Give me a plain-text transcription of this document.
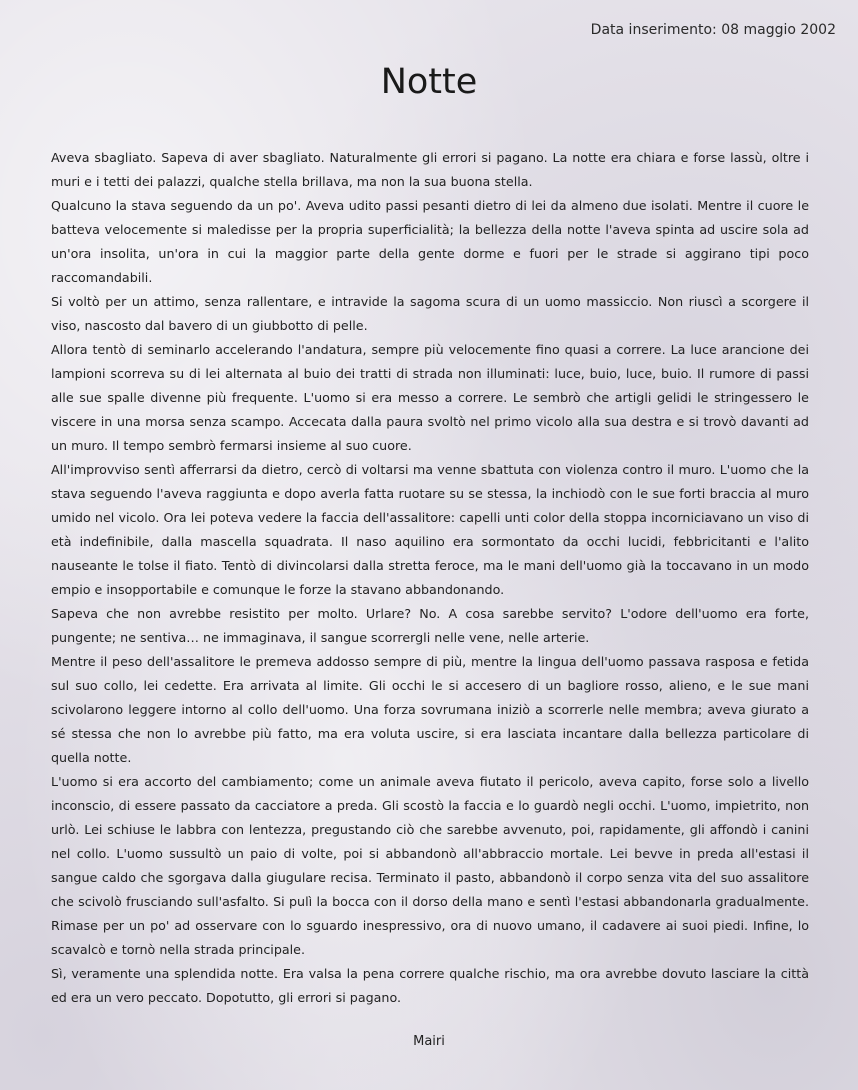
Data inserimento: 08 maggio 2002
Notte

Aveva sbagliato. Sapeva di aver sbagliato. Naturalmente gli errori si pagano. La notte era chiara e forse lassù, oltre i muri e i tetti dei palazzi, qualche stella brillava, ma non la sua buona stella.

Qualcuno la stava seguendo da un po'. Aveva udito passi pesanti dietro di lei da almeno due isolati. Mentre il cuore le batteva velocemente si maledisse per la propria superficialità; la bellezza della notte l'aveva spinta ad uscire sola ad un'ora insolita, un'ora in cui la maggior parte della gente dorme e fuori per le strade si aggirano tipi poco raccomandabili.

Si voltò per un attimo, senza rallentare, e intravide la sagoma scura di un uomo massiccio. Non riuscì a scorgere il viso, nascosto dal bavero di un giubbotto di pelle.

Allora tentò di seminarlo accelerando l'andatura, sempre più velocemente fino quasi a correre. La luce arancione dei lampioni scorreva su di lei alternata al buio dei tratti di strada non illuminati: luce, buio, luce, buio. Il rumore di passi alle sue spalle divenne più frequente. L'uomo si era messo a correre. Le sembrò che artigli gelidi le stringessero le viscere in una morsa senza scampo. Accecata dalla paura svoltò nel primo vicolo alla sua destra e si trovò davanti ad un muro. Il tempo sembrò fermarsi insieme al suo cuore.

All'improvviso sentì afferrarsi da dietro, cercò di voltarsi ma venne sbattuta con violenza contro il muro. L'uomo che la stava seguendo l'aveva raggiunta e dopo averla fatta ruotare su se stessa, la inchiodò con le sue forti braccia al muro umido nel vicolo. Ora lei poteva vedere la faccia dell'assalitore: capelli unti color della stoppa incorniciavano un viso di età indefinibile, dalla mascella squadrata. Il naso aquilino era sormontato da occhi lucidi, febbricitanti e l'alito nauseante le tolse il fiato. Tentò di divincolarsi dalla stretta feroce, ma le mani dell'uomo già la toccavano in un modo empio e insopportabile e comunque le forze la stavano abbandonando.

Sapeva che non avrebbe resistito per molto. Urlare? No. A cosa sarebbe servito? L'odore dell'uomo era forte, pungente; ne sentiva… ne immaginava, il sangue scorrergli nelle vene, nelle arterie.

Mentre il peso dell'assalitore le premeva addosso sempre di più, mentre la lingua dell'uomo passava rasposa e fetida sul suo collo, lei cedette. Era arrivata al limite. Gli occhi le si accesero di un bagliore rosso, alieno, e le sue mani scivolarono leggere intorno al collo dell'uomo. Una forza sovrumana iniziò a scorrerle nelle membra; aveva giurato a sé stessa che non lo avrebbe più fatto, ma era voluta uscire, si era lasciata incantare dalla bellezza particolare di quella notte.

L'uomo si era accorto del cambiamento; come un animale aveva fiutato il pericolo, aveva capito, forse solo a livello inconscio, di essere passato da cacciatore a preda. Gli scostò la faccia e lo guardò negli occhi. L'uomo, impietrito, non urlò. Lei schiuse le labbra con lentezza, pregustando ciò che sarebbe avvenuto, poi, rapidamente, gli affondò i canini nel collo. L'uomo sussultò un paio di volte, poi si abbandonò all'abbraccio mortale. Lei bevve in preda all'estasi il sangue caldo che sgorgava dalla giugulare recisa. Terminato il pasto, abbandonò il corpo senza vita del suo assalitore che scivolò frusciando sull'asfalto. Si pulì la bocca con il dorso della mano e sentì l'estasi abbandonarla gradualmente. Rimase per un po' ad osservare con lo sguardo inespressivo, ora di nuovo umano, il cadavere ai suoi piedi. Infine, lo scavalcò e tornò nella strada principale.

Sì, veramente una splendida notte. Era valsa la pena correre qualche rischio, ma ora avrebbe dovuto lasciare la città ed era un vero peccato. Dopotutto, gli errori si pagano.

Mairi
